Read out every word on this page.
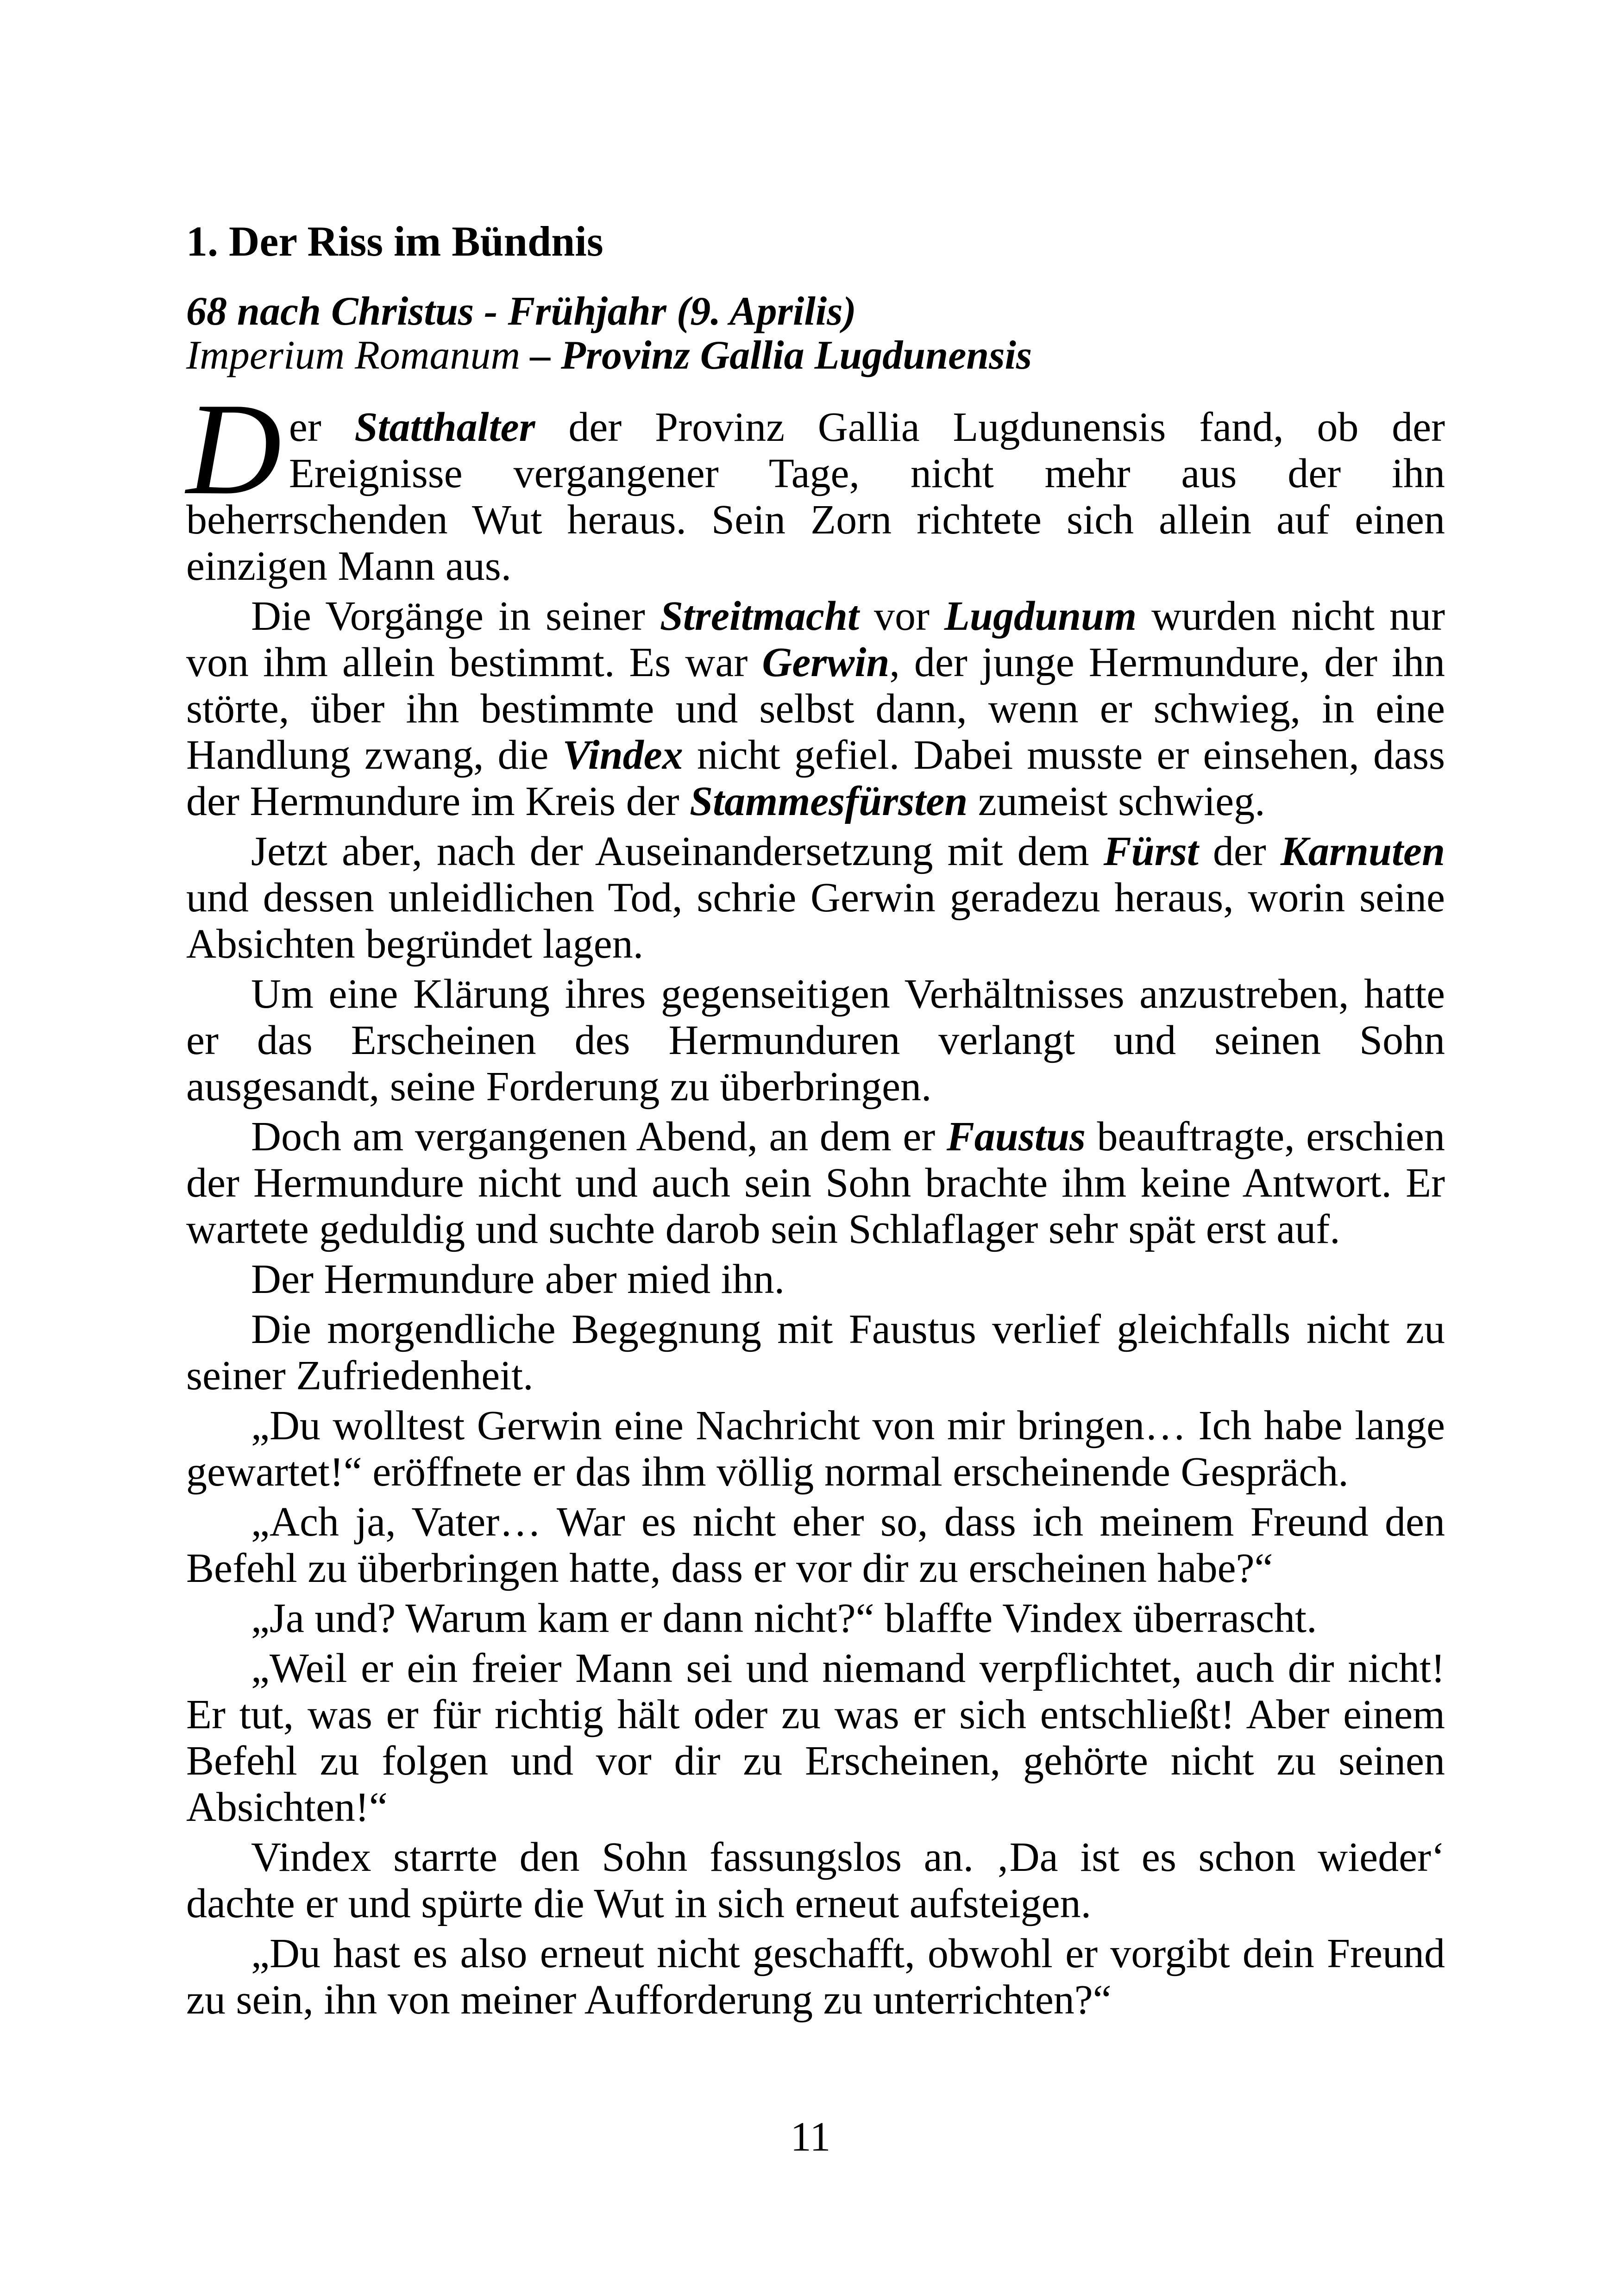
1. Der Riss im Bündnis
68 nach Christus - Frühjahr (9. Aprilis)
Imperium Romanum – Provinz Gallia Lugdunensis
D er Statthalter der Provinz Gallia Lugdunensis fand, ob der
Ereignisse vergangener Tage, nicht mehr aus der ihn
beherrschenden Wut heraus. Sein Zorn richtete sich allein auf einen
einzigen Mann aus.
Die Vorgänge in seiner Streitmacht vor Lugdunum wurden nicht nur
von ihm allein bestimmt. Es war Gerwin, der junge Hermundure, der ihn
störte, über ihn bestimmte und selbst dann, wenn er schwieg, in eine
Handlung zwang, die Vindex nicht gefiel. Dabei musste er einsehen, dass
der Hermundure im Kreis der Stammesfürsten zumeist schwieg.
Jetzt aber, nach der Auseinandersetzung mit dem Fürst der Karnuten
und dessen unleidlichen Tod, schrie Gerwin geradezu heraus, worin seine
Absichten begründet lagen.
Um eine Klärung ihres gegenseitigen Verhältnisses anzustreben, hatte
er das Erscheinen des Hermunduren verlangt und seinen Sohn
ausgesandt, seine Forderung zu überbringen.
Doch am vergangenen Abend, an dem er Faustus beauftragte, erschien
der Hermundure nicht und auch sein Sohn brachte ihm keine Antwort. Er
wartete geduldig und suchte darob sein Schlaflager sehr spät erst auf.
Der Hermundure aber mied ihn.
Die morgendliche Begegnung mit Faustus verlief gleichfalls nicht zu
seiner Zufriedenheit.
„Du wolltest Gerwin eine Nachricht von mir bringen… Ich habe lange
gewartet!“ eröffnete er das ihm völlig normal erscheinende Gespräch.
„Ach ja, Vater… War es nicht eher so, dass ich meinem Freund den
Befehl zu überbringen hatte, dass er vor dir zu erscheinen habe?“
„Ja und? Warum kam er dann nicht?“ blaffte Vindex überrascht.
„Weil er ein freier Mann sei und niemand verpflichtet, auch dir nicht!
Er tut, was er für richtig hält oder zu was er sich entschließt! Aber einem
Befehl zu folgen und vor dir zu Erscheinen, gehörte nicht zu seinen
Absichten!“
Vindex starrte den Sohn fassungslos an. ‚Da ist es schon wieder‘
dachte er und spürte die Wut in sich erneut aufsteigen.
„Du hast es also erneut nicht geschafft, obwohl er vorgibt dein Freund
zu sein, ihn von meiner Aufforderung zu unterrichten?“
11
